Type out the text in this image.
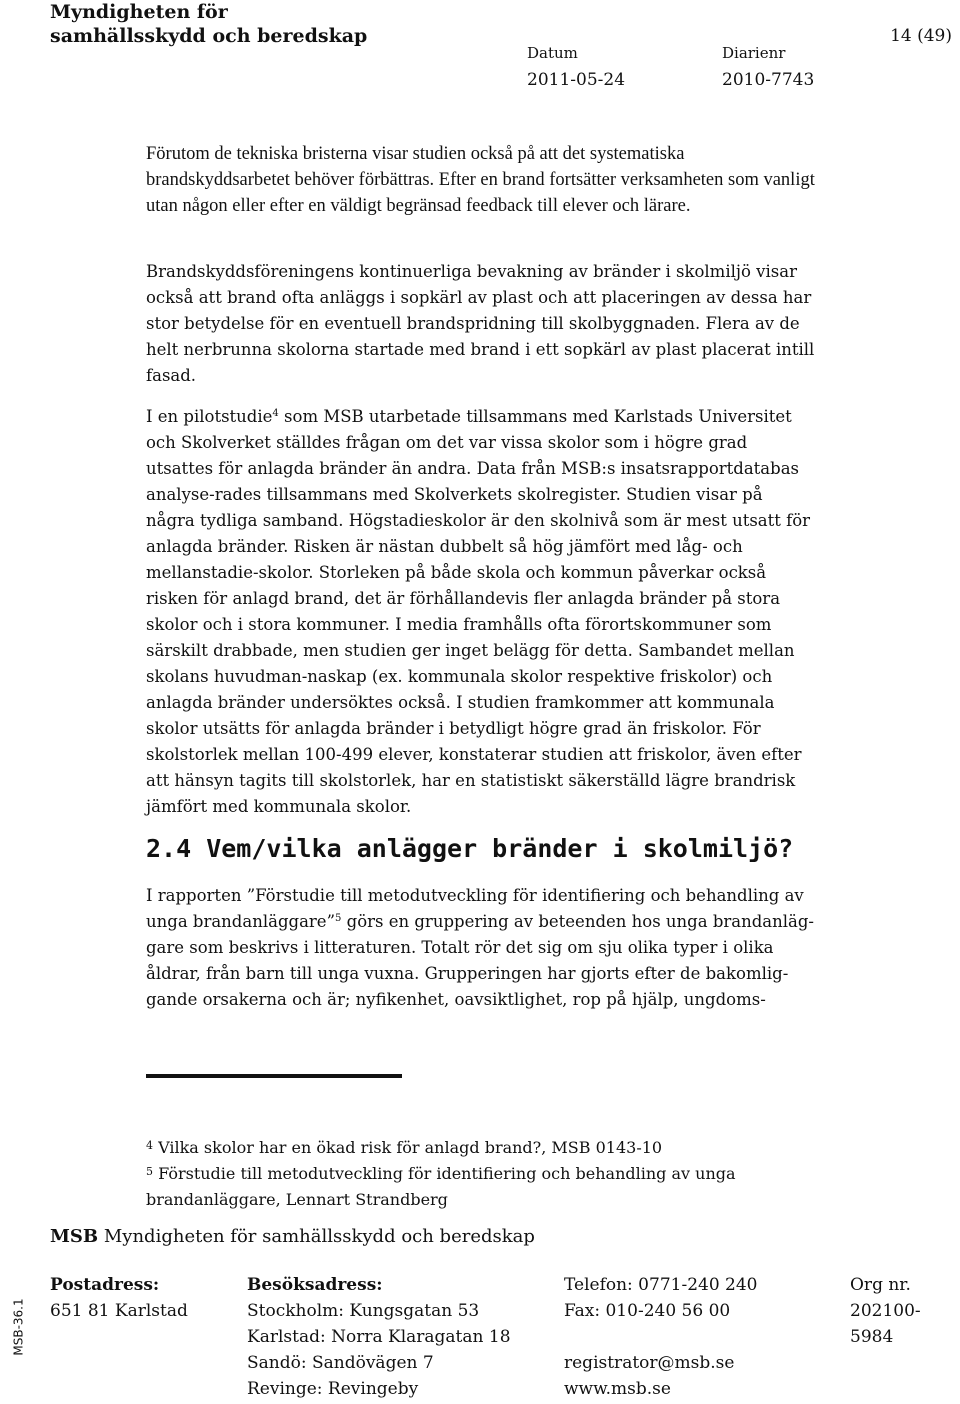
Myndigheten för
samhällsskydd och beredskap	14 (49)
Datum
2011-05-24
Diarienr
2010-7743

Förutom de tekniska bristerna visar studien också på att det systematiska brandskyddsarbetet behöver förbättras. Efter en brand fortsätter verksamheten som vanligt utan någon eller efter en väldigt begränsad feedback till elever och lärare.

Brandskyddsföreningens kontinuerliga bevakning av bränder i skolmiljö visar också att brand ofta anläggs i sopkärl av plast och att placeringen av dessa har stor betydelse för en eventuell brandspridning till skolbyggnaden. Flera av de helt nerbrunna skolorna startade med brand i ett sopkärl av plast placerat intill fasad.

I en pilotstudie$^4$ som MSB utarbetade tillsammans med Karlstads Universitet och Skolverket ställdes frågan om det var vissa skolor som i högre grad utsattes för anlagda bränder än andra. Data från MSB:s insatsrapportdatabas analyse-rades tillsammans med Skolverkets skolregister. Studien visar på några tydliga samband. Högstadieskolor är den skolnivå som är mest utsatt för anlagda bränder. Risken är nästan dubbelt så hög jämfört med låg- och mellanstadie-skolor. Storleken på både skola och kommun påverkar också risken för anlagd brand, det är förhållandevis fler anlagda bränder på stora skolor och i stora kommuner. I media framhålls ofta förortskommuner som särskilt drabbade, men studien ger inget belägg för detta. Sambandet mellan skolans huvudman-naskap (ex. kommunala skolor respektive friskolor) och anlagda bränder undersöktes också. I studien framkommer att kommunala skolor utsätts för anlagda bränder i betydligt högre grad än friskolor. För skolstorlek mellan 100-499 elever, konstaterar studien att friskolor, även efter att hänsyn tagits till skolstorlek, har en statistiskt säkerställd lägre brandrisk jämfört med kommunala skolor.

2.4 Vem/vilka anlägger bränder i skolmiljö?

I rapporten ”Förstudie till metodutveckling för identifiering och behandling av unga brandanläggare”$^5$ görs en gruppering av beteenden hos unga brandanläg-gare som beskrivs i litteraturen. Totalt rör det sig om sju olika typer i olika åldrar, från barn till unga vuxna. Grupperingen har gjorts efter de bakomlig-gande orsakerna och är; nyfikenhet, oavsiktlighet, rop på hjälp, ungdoms-

$^4$ Vilka skolor har en ökad risk för anlagd brand?, MSB 0143-10
$^5$ Förstudie till metodutveckling för identifiering och behandling av unga brandanläggare, Lennart Strandberg
MSB Myndigheten för samhällsskydd och beredskap
Postadress:
651 81 Karlstad
Besöksadress:
Stockholm: Kungsgatan 53
Karlstad: Norra Klaragatan 18
Sandö: Sandövägen 7
Revinge: Revingeby
Telefon: 0771-240 240
Fax: 010-240 56 00
registrator@msb.se
www.msb.se
Org nr.
202100-
5984
MSB-36.1
